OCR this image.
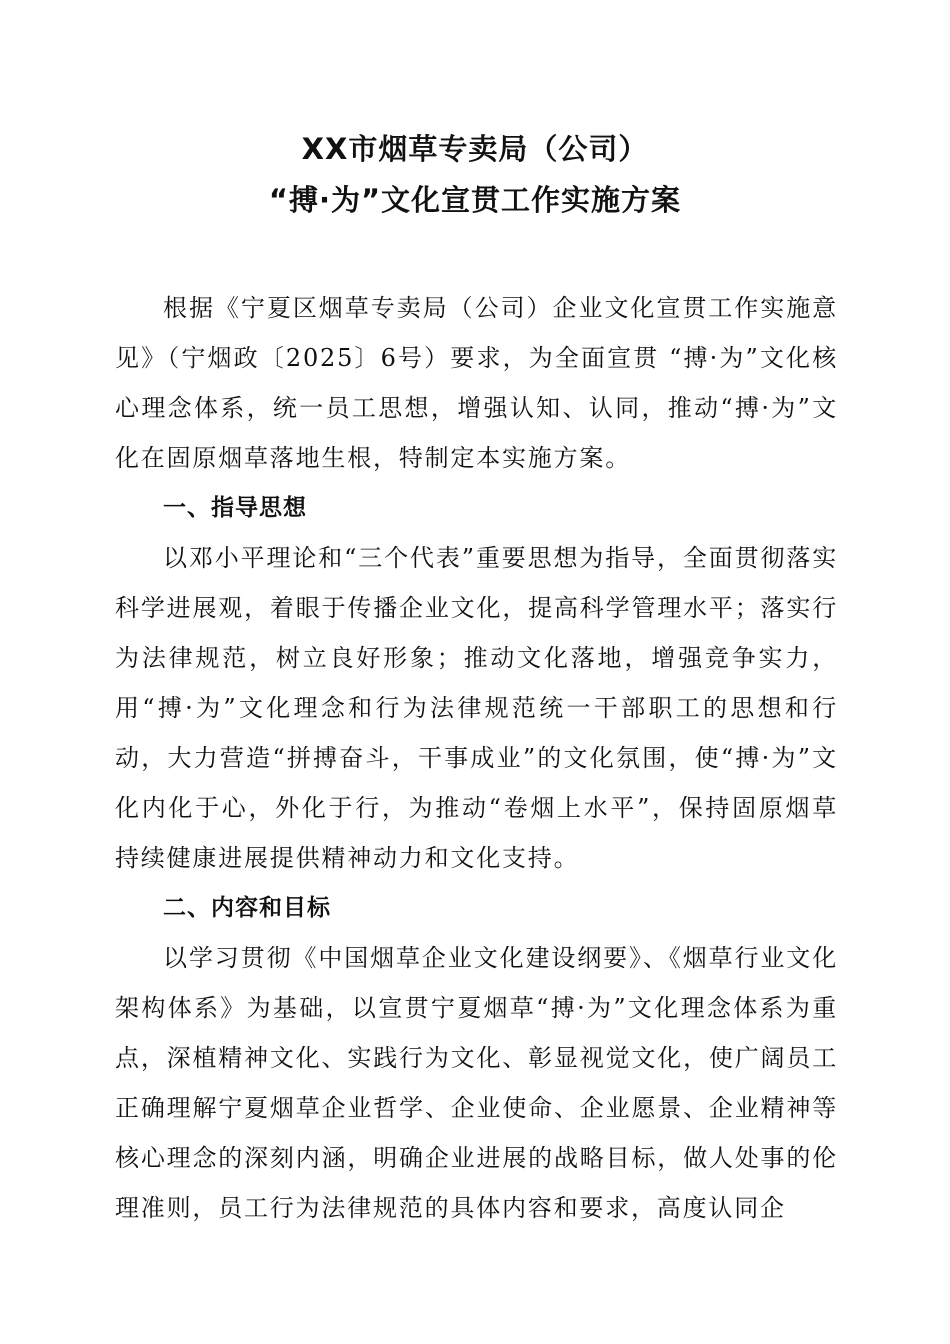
XX市烟草专卖局（公司）
“搏·为”文化宣贯工作实施方案

根据《宁夏区烟草专卖局（公司）企业文化宣贯工作实施意见》（宁烟政〔2025〕6号）要求，为全面宣贯 “搏·为”文化核心理念体系，统一员工思想，增强认知、认同，推动“搏·为”文化在固原烟草落地生根，特制定本实施方案。

一、指导思想

以邓小平理论和“三个代表”重要思想为指导，全面贯彻落实科学进展观，着眼于传播企业文化，提高科学管理水平；落实行为法律规范，树立良好形象；推动文化落地，增强竞争实力，用“搏·为”文化理念和行为法律规范统一干部职工的思想和行动，大力营造“拼搏奋斗，干事成业”的文化氛围，使“搏·为”文化内化于心，外化于行，为推动“卷烟上水平”，保持固原烟草持续健康进展提供精神动力和文化支持。

二、内容和目标

以学习贯彻《中国烟草企业文化建设纲要》、《烟草行业文化架构体系》为基础，以宣贯宁夏烟草“搏·为”文化理念体系为重点，深植精神文化、实践行为文化、彰显视觉文化，使广阔员工正确理解宁夏烟草企业哲学、企业使命、企业愿景、企业精神等核心理念的深刻内涵，明确企业进展的战略目标，做人处事的伦理准则，员工行为法律规范的具体内容和要求，高度认同企
